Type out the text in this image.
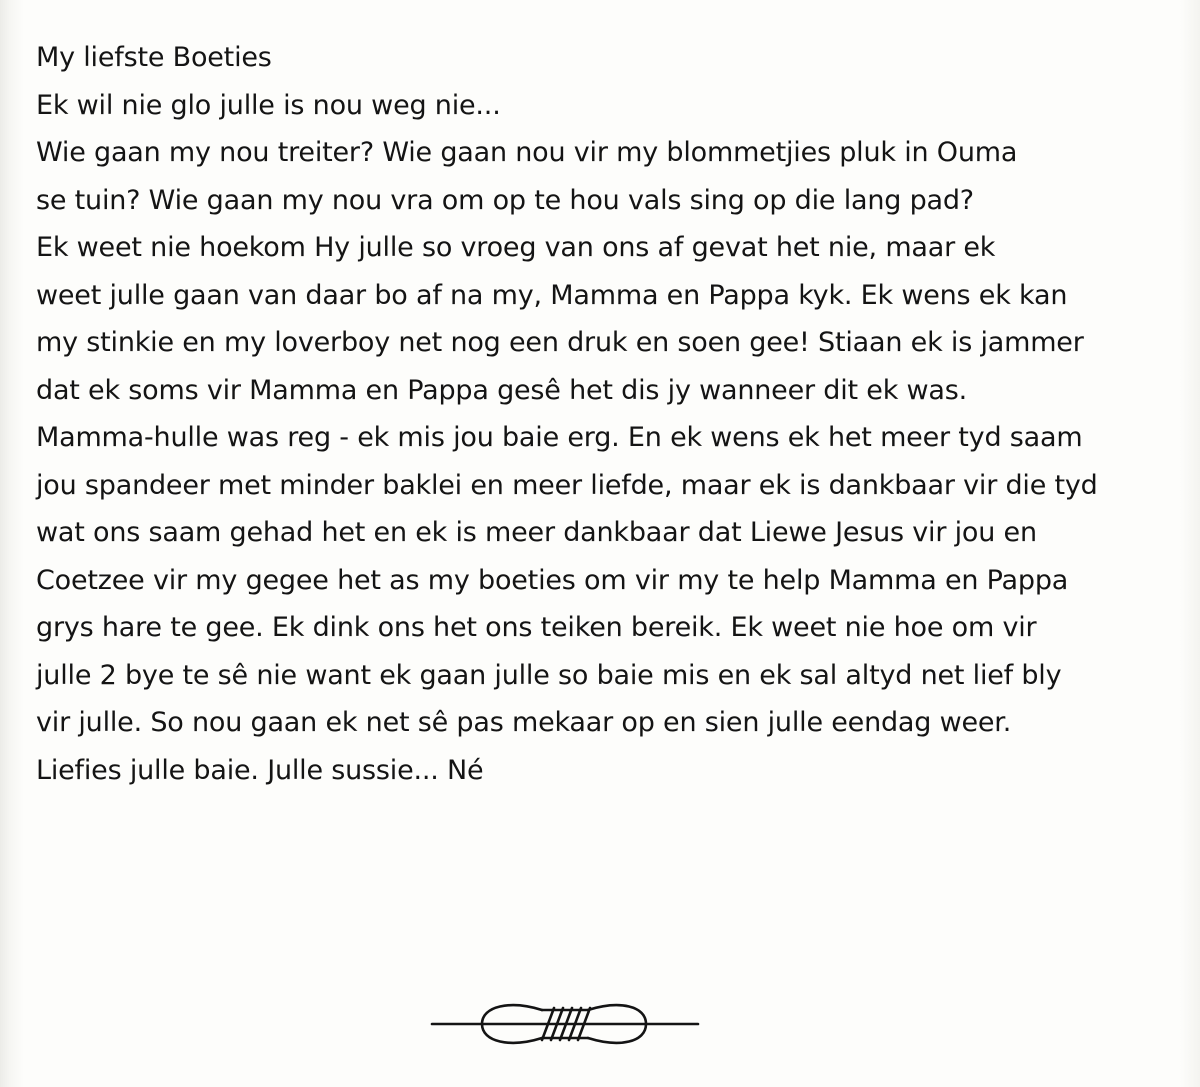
My liefste Boeties
Ek wil nie glo julle is nou weg nie...
Wie gaan my nou treiter? Wie gaan nou vir my blommetjies pluk in Ouma
se tuin? Wie gaan my nou vra om op te hou vals sing op die lang pad?
Ek weet nie hoekom Hy julle so vroeg van ons af gevat het nie, maar ek
weet julle gaan van daar bo af na my, Mamma en Pappa kyk. Ek wens ek kan
my stinkie en my loverboy net nog een druk en soen gee! Stiaan ek is jammer
dat ek soms vir Mamma en Pappa gesê het dis jy wanneer dit ek was.
Mamma-hulle was reg - ek mis jou baie erg. En ek wens ek het meer tyd saam
jou spandeer met minder baklei en meer liefde, maar ek is dankbaar vir die tyd
wat ons saam gehad het en ek is meer dankbaar dat Liewe Jesus vir jou en
Coetzee vir my gegee het as my boeties om vir my te help Mamma en Pappa
grys hare te gee. Ek dink ons het ons teiken bereik. Ek weet nie hoe om vir
julle 2 bye te sê nie want ek gaan julle so baie mis en ek sal altyd net lief bly
vir julle. So nou gaan ek net sê pas mekaar op en sien julle eendag weer.
Liefies julle baie. Julle sussie... Né
